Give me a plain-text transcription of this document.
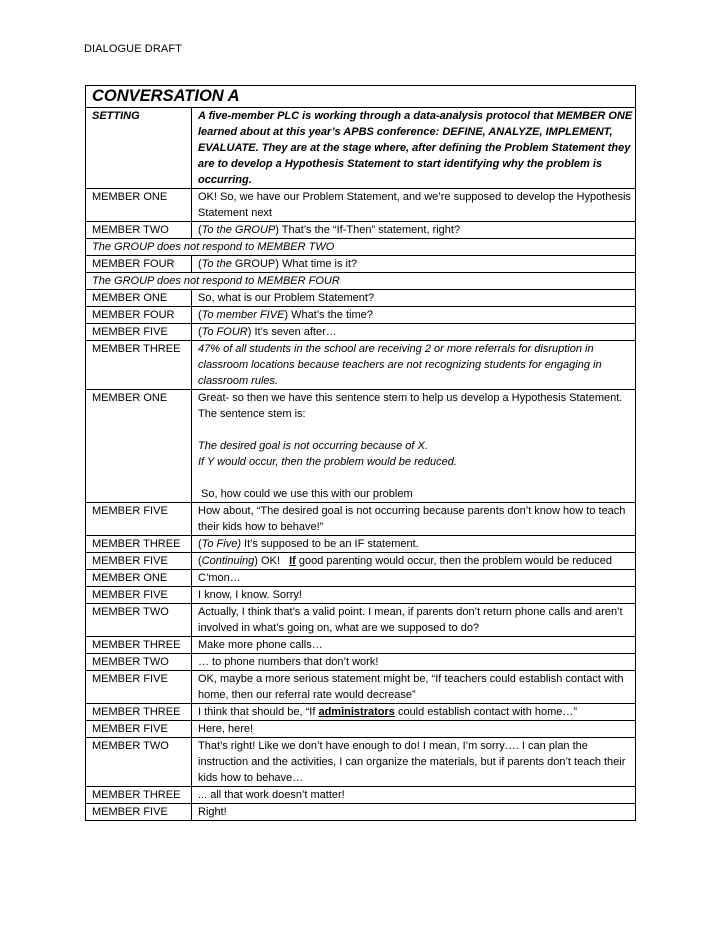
DIALOGUE DRAFT
CONVERSATION A	
SETTING	A five-member PLC is working through a data-analysis protocol that MEMBER ONE learned about at this year’s APBS conference: DEFINE, ANALYZE, IMPLEMENT, EVALUATE. They are at the stage where, after defining the Problem Statement they are to develop a Hypothesis Statement to start identifying why the problem is occurring.
MEMBER ONE	OK! So, we have our Problem Statement, and we’re supposed to develop the Hypothesis Statement next
MEMBER TWO	(To the GROUP) That’s the “If-Then” statement, right?
The GROUP does not respond to MEMBER TWO	
MEMBER FOUR	(To the GROUP) What time is it?
The GROUP does not respond to MEMBER FOUR	
MEMBER ONE	So, what is our Problem Statement?
MEMBER FOUR	(To member FIVE) What’s the time?
MEMBER FIVE	(To FOUR) It’s seven after…
MEMBER THREE	47% of all students in the school are receiving 2 or more referrals for disruption in classroom locations because teachers are not recognizing students for engaging in classroom rules.
MEMBER ONE	Great- so then we have this sentence stem to help us develop a Hypothesis Statement. The sentence stem is:
The desired goal is not occurring because of X.
If Y would occur, then the problem would be reduced.
So, how could we use this with our problem

MEMBER FIVE	How about, “The desired goal is not occurring because parents don’t know how to teach their kids how to behave!”
MEMBER THREE	(To Five) It’s supposed to be an IF statement.
MEMBER FIVE	(Continuing) OK!   If good parenting would occur, then the problem would be reduced
MEMBER ONE	C’mon…
MEMBER FIVE	I know, I know. Sorry!
MEMBER TWO	Actually, I think that’s a valid point. I mean, if parents don’t return phone calls and aren’t involved in what’s going on, what are we supposed to do?
MEMBER THREE	Make more phone calls…
MEMBER TWO	… to phone numbers that don’t work!
MEMBER FIVE	OK, maybe a more serious statement might be, “If teachers could establish contact with home, then our referral rate would decrease”
MEMBER THREE	I think that should be, “If administrators could establish contact with home…”
MEMBER FIVE	Here, here!
MEMBER TWO	That’s right! Like we don’t have enough to do! I mean, I’m sorry…. I can plan the instruction and the activities, I can organize the materials, but if parents don’t teach their kids how to behave…
MEMBER THREE	... all that work doesn’t matter!
MEMBER FIVE	Right!
